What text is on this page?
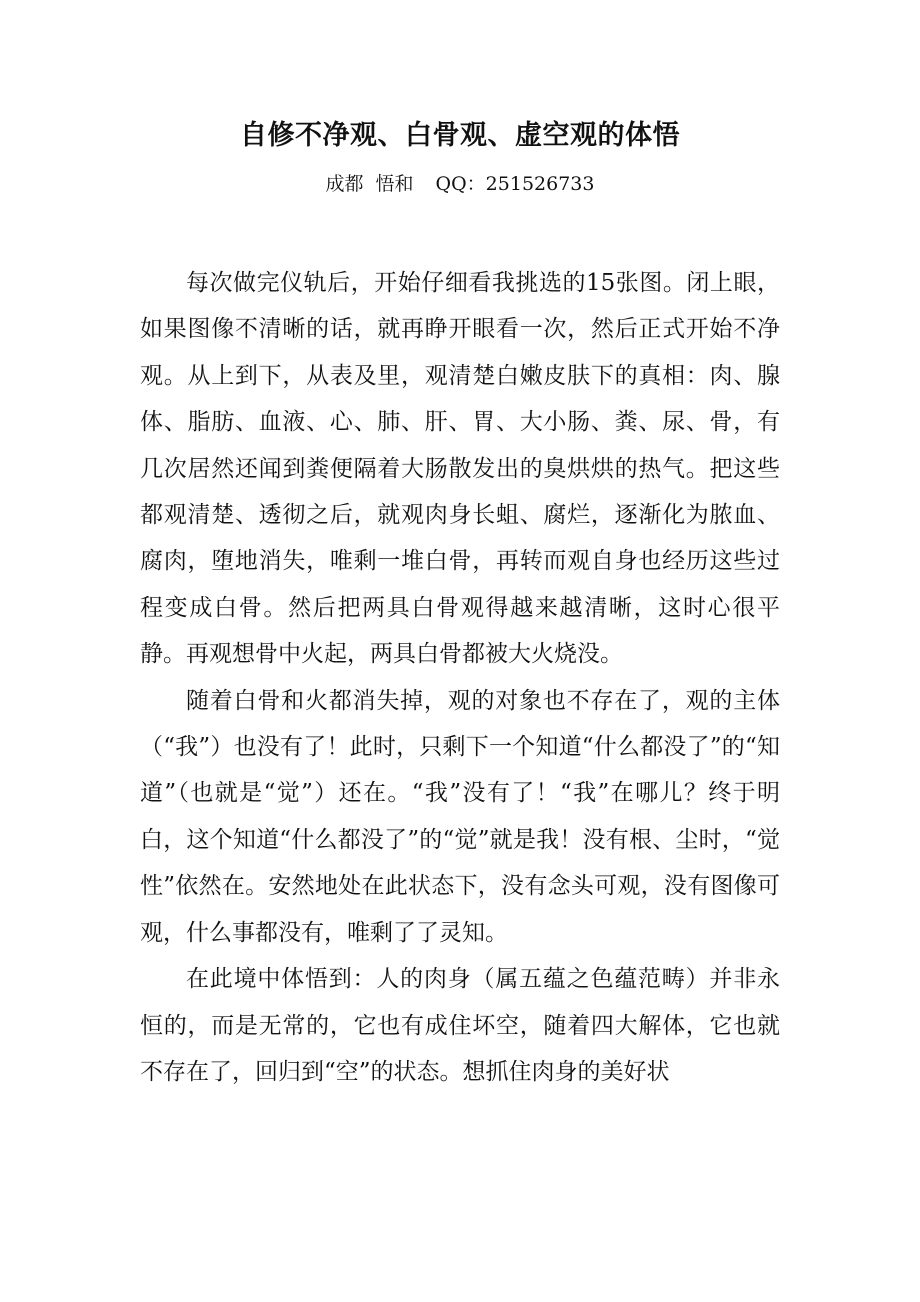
自修不净观、白骨观、虚空观的体悟
成都 悟和 QQ：251526733

每次做完仪轨后，开始仔细看我挑选的15张图。闭上眼，如果图像不清晰的话，就再睁开眼看一次，然后正式开始不净观。从上到下，从表及里，观清楚白嫩皮肤下的真相：肉、腺体、脂肪、血液、心、肺、肝、胃、大小肠、粪、尿、骨，有几次居然还闻到粪便隔着大肠散发出的臭烘烘的热气。把这些都观清楚、透彻之后，就观肉身长蛆、腐烂，逐渐化为脓血、腐肉，堕地消失，唯剩一堆白骨，再转而观自身也经历这些过程变成白骨。然后把两具白骨观得越来越清晰，这时心很平静。再观想骨中火起，两具白骨都被大火烧没。

随着白骨和火都消失掉，观的对象也不存在了，观的主体（“我”）也没有了！此时，只剩下一个知道“什么都没了”的“知道”（也就是“觉”）还在。“我”没有了！“我”在哪儿？终于明白，这个知道“什么都没了”的“觉”就是我！没有根、尘时，“觉性”依然在。安然地处在此状态下，没有念头可观，没有图像可观，什么事都没有，唯剩了了灵知。

在此境中体悟到：人的肉身（属五蕴之色蕴范畴）并非永恒的，而是无常的，它也有成住坏空，随着四大解体，它也就不存在了，回归到“空”的状态。想抓住肉身的美好状
